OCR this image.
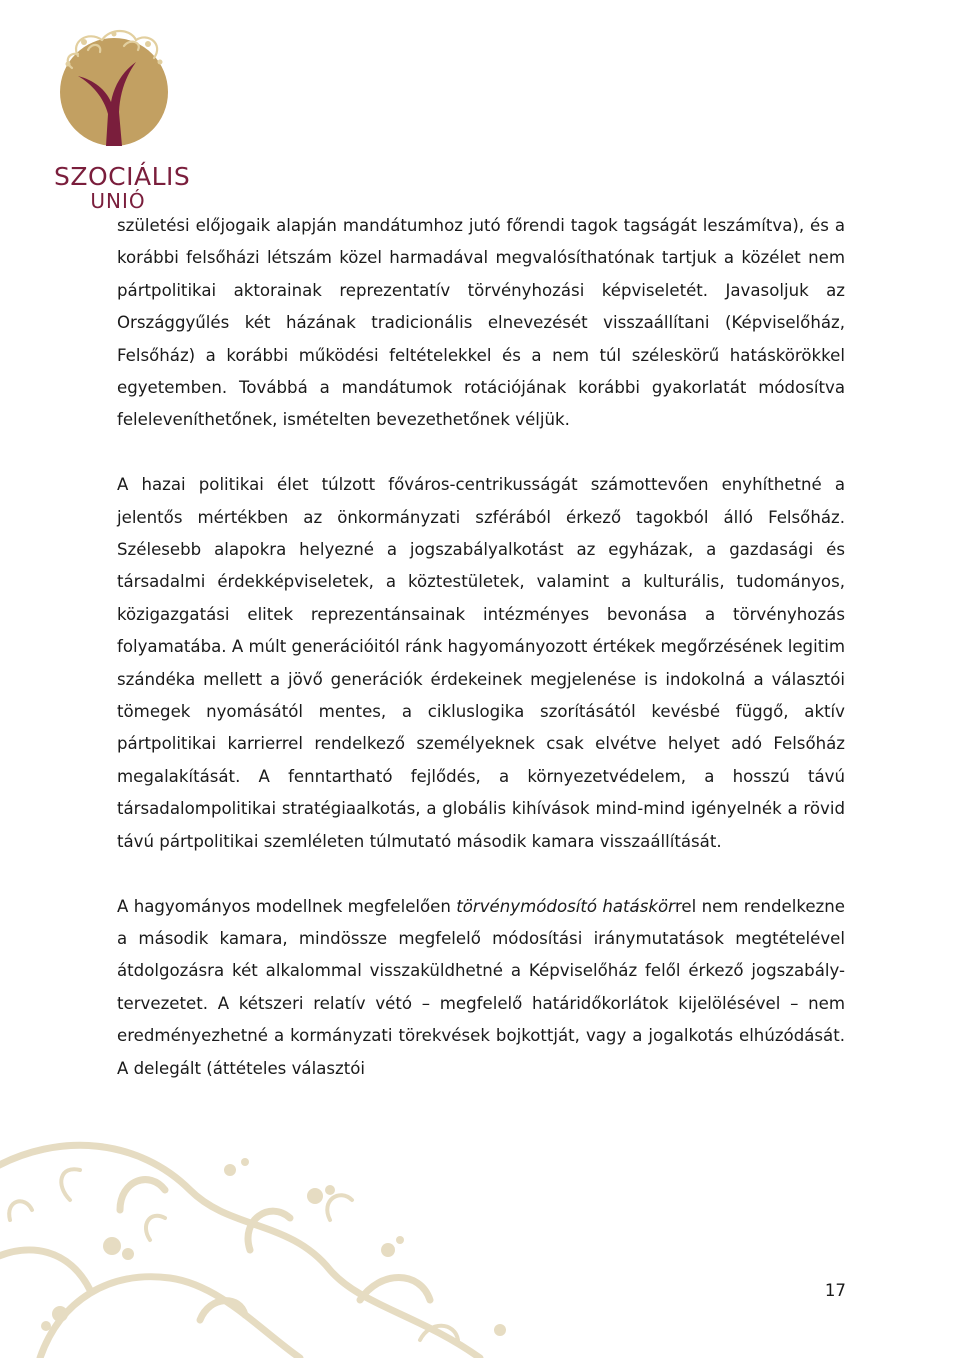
SZOCIÁLIS
UNIÓ

születési előjogaik alapján mandátumhoz jutó főrendi tagok tagságát leszámítva), és a korábbi felsőházi létszám közel harmadával megvalósíthatónak tartjuk a közélet nem pártpolitikai aktorainak reprezentatív törvényhozási képviseletét. Javasoljuk az Országgyűlés két házának tradicionális elnevezését visszaállítani (Képviselőház, Felsőház) a korábbi működési feltételekkel és a nem túl széleskörű hatáskörökkel egyetemben. Továbbá a mandátumok rotációjának korábbi gyakorlatát módosítva feleleveníthetőnek, ismételten bevezethetőnek véljük.

A hazai politikai élet túlzott főváros-centrikusságát számottevően enyhíthetné a jelentős mértékben az önkormányzati szférából érkező tagokból álló Felsőház. Szélesebb alapokra helyezné a jogszabályalkotást az egyházak, a gazdasági és társadalmi érdekképviseletek, a köztestületek, valamint a kulturális, tudományos, közigazgatási elitek reprezentánsainak intézményes bevonása a törvényhozás folyamatába. A múlt generációitól ránk hagyományozott értékek megőrzésének legitim szándéka mellett a jövő generációk érdekeinek megjelenése is indokolná a választói tömegek nyomásától mentes, a cikluslogika szorításától kevésbé függő, aktív pártpolitikai karrierrel rendelkező személyeknek csak elvétve helyet adó Felsőház megalakítását. A fenntartható fejlődés, a környezetvédelem, a hosszú távú társadalompolitikai stratégiaalkotás, a globális kihívások mind-mind igényelnék a rövid távú pártpolitikai szemléleten túlmutató második kamara visszaállítását.

A hagyományos modellnek megfelelően törvénymódosító hatáskörrel nem rendelkezne a második kamara, mindössze megfelelő módosítási iránymutatások megtételével átdolgozásra két alkalommal visszaküldhetné a Képviselőház felől érkező jogszabály-tervezetet. A kétszeri relatív vétó – megfelelő határidőkorlátok kijelölésével – nem eredményezhetné a kormányzati törekvések bojkottját, vagy a jogalkotás elhúzódását. A delegált (áttételes választói

17
